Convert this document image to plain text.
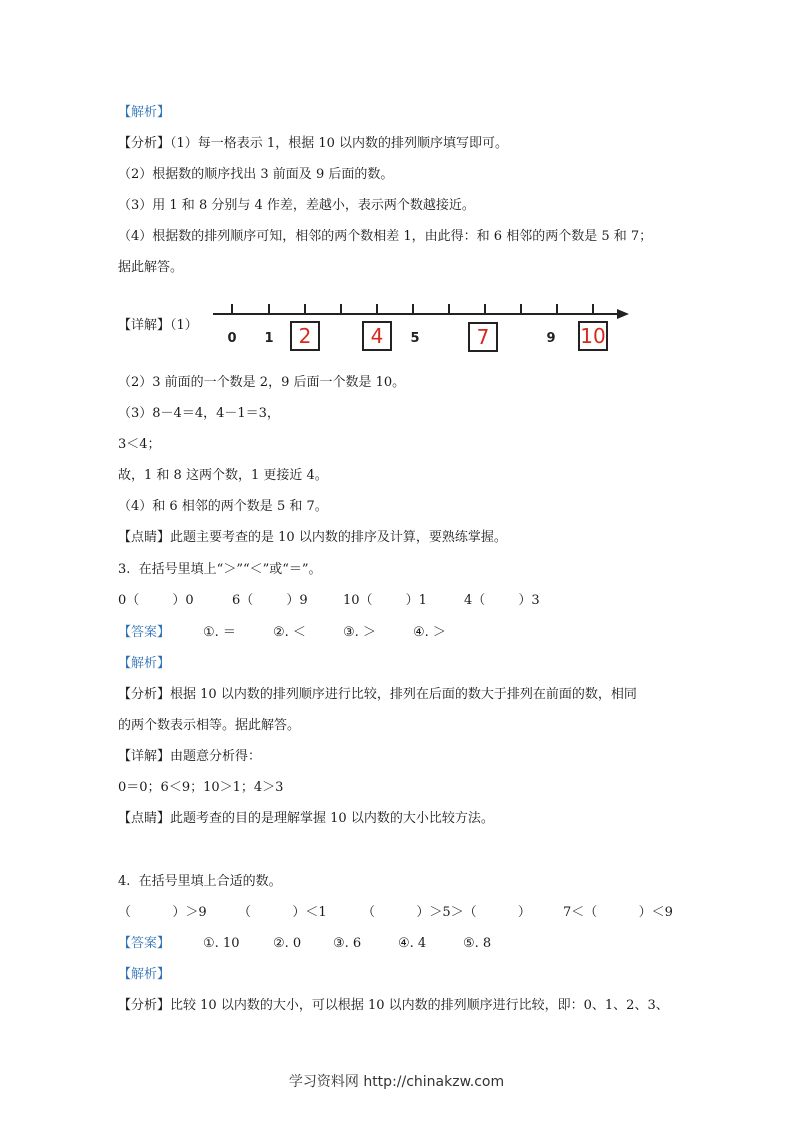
【解析】
【分析】（1）每一格表示 1，根据 10 以内数的排列顺序填写即可。
（2）根据数的顺序找出 3 前面及 9 后面的数。
（3）用 1 和 8 分别与 4 作差，差越小，表示两个数越接近。
（4）根据数的排列顺序可知，相邻的两个数相差 1，由此得：和 6 相邻的两个数是 5 和 7；
据此解答。
【详解】（1）
0 1	5	9
2	4	7	10
（2）3 前面的一个数是 2，9 后面一个数是 10。
（3）8－4＝4，4－1＝3，
3＜4；
故，1 和 8 这两个数，1 更接近 4。
（4）和 6 相邻的两个数是 5 和 7。
【点睛】此题主要考查的是 10 以内数的排序及计算，要熟练掌握。
3.  在括号里填上“＞”“＜”或“＝”。
0（        ）0	6（        ）9	10（        ）1	4（        ）3
【答案】	①. ＝	②. ＜	③. ＞	④. ＞
【解析】
【分析】根据 10 以内数的排列顺序进行比较，排列在后面的数大于排列在前面的数，相同
的两个数表示相等。据此解答。
【详解】由题意分析得：
0＝0；6＜9；10＞1；4＞3
【点睛】此题考查的目的是理解掌握 10 以内数的大小比较方法。
4.  在括号里填上合适的数。
（          ）＞9 （          ）＜1	（          ）＞5＞（          ） 7＜（          ）＜9
【答案】	①. 10	②. 0 ③. 6	④. 4	⑤. 8
【解析】
【分析】比较 10 以内数的大小，可以根据 10 以内数的排列顺序进行比较，即：0、1、2、3、
学习资料网 http://chinakzw.com
